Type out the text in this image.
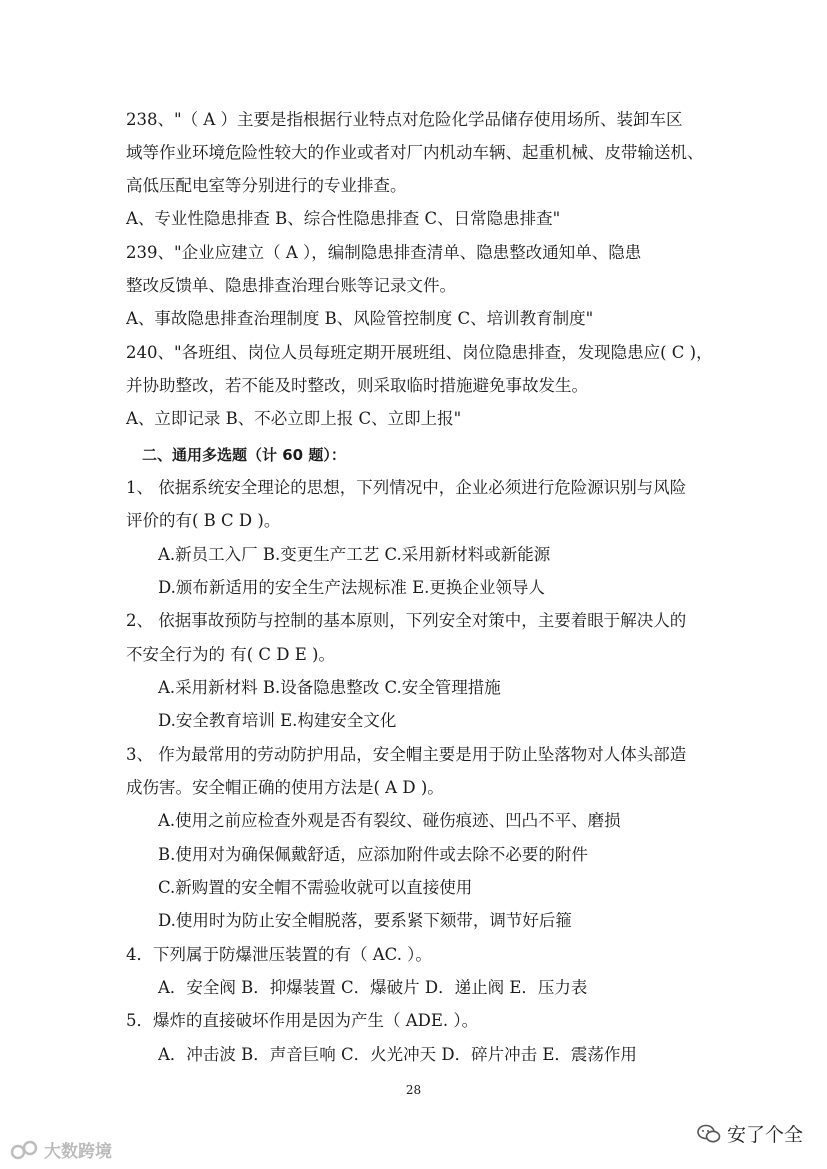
238、"（ A ）主要是指根据行业特点对危险化学品储存使用场所、装卸车区
域等作业环境危险性较大的作业或者对厂内机动车辆、起重机械、皮带输送机、
高低压配电室等分别进行的专业排查。
A、专业性隐患排查 B、综合性隐患排查 C、日常隐患排查"
239、"企业应建立（ A ），编制隐患排查清单、隐患整改通知单、隐患
整改反馈单、隐患排查治理台账等记录文件。
A、事故隐患排查治理制度 B、风险管控制度 C、培训教育制度"
240、"各班组、岗位人员每班定期开展班组、岗位隐患排查，发现隐患应( C )，
并协助整改，若不能及时整改，则采取临时措施避免事故发生。
A、立即记录 B、不必立即上报 C、立即上报"
二、通用多选题（计 60 题）：
1、 依据系统安全理论的思想，下列情况中，企业必须进行危险源识别与风险
评价的有( B C D )。
A.新员工入厂 B.变更生产工艺 C.采用新材料或新能源
D.颁布新适用的安全生产法规标准 E.更换企业领导人
2、 依据事故预防与控制的基本原则，下列安全对策中，主要着眼于解决人的
不安全行为的 有( C D E )。
A.采用新材料 B.设备隐患整改 C.安全管理措施
D.安全教育培训 E.构建安全文化
3、 作为最常用的劳动防护用品，安全帽主要是用于防止坠落物对人体头部造
成伤害。安全帽正确的使用方法是( A D )。
A.使用之前应检查外观是否有裂纹、碰伤痕迹、凹凸不平、磨损
B.使用对为确保佩戴舒适，应添加附件或去除不必要的附件
C.新购置的安全帽不需验收就可以直接使用
D.使用时为防止安全帽脱落，要系紧下颏带，调节好后箍
4．下列属于防爆泄压装置的有（ AC. ）。
A．安全阀 B．抑爆装置 C．爆破片 D．递止阀 E．压力表
5．爆炸的直接破坏作用是因为产生（ ADE. ）。
A．冲击波 B．声音巨响 C．火光冲天 D．碎片冲击 E．震荡作用
28
大数跨境
安了个全
